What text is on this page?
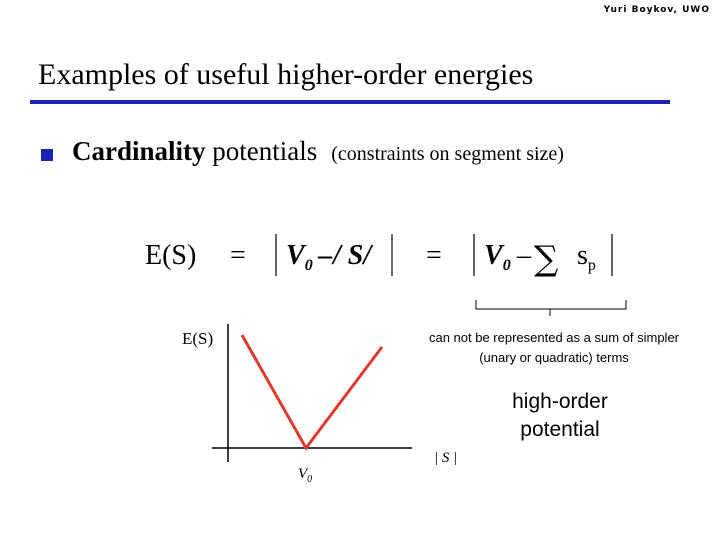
Yuri Boykov, UWO
Examples of useful higher-order energies
Cardinality potentials (constraints on segment size)
$E(S) = V_0$ – / $S/ = V_0$ – ∑ $s_p$
can not be represented as a sum of simpler (unary or quadratic) terms
high-order potential
E(S)
| S |
$V_0$
